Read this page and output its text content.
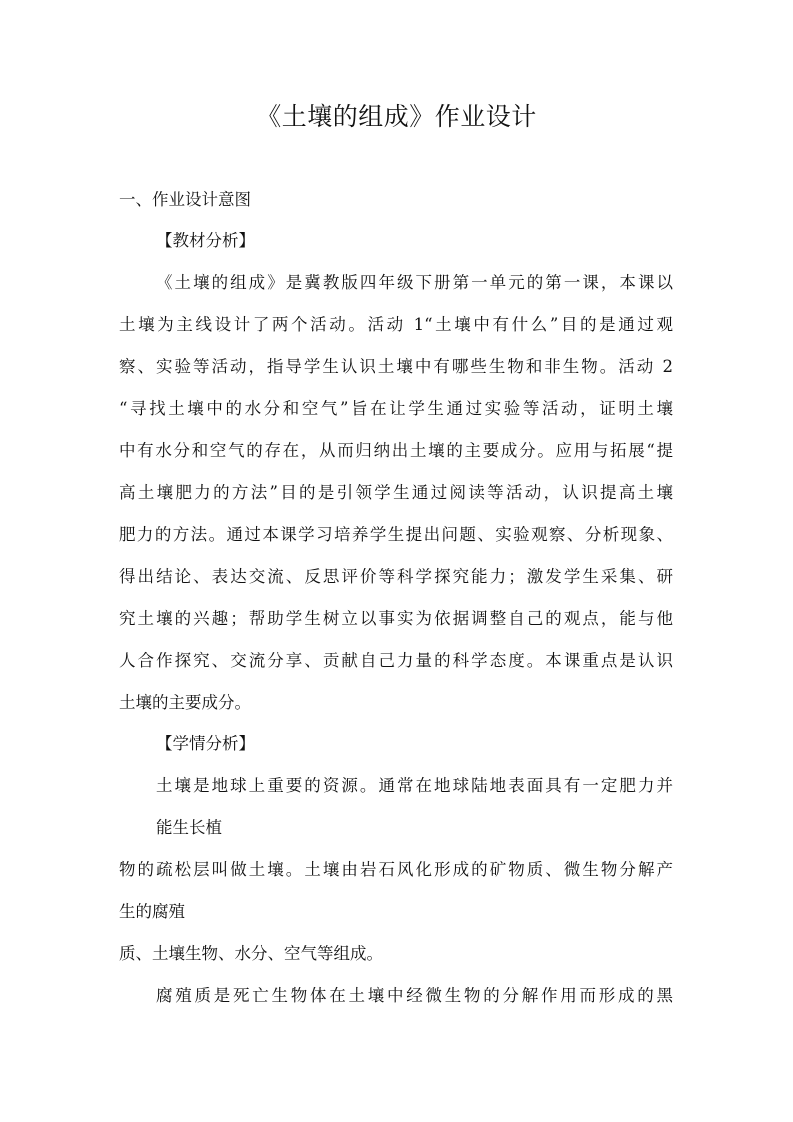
《土壤的组成》作业设计
一、作业设计意图
【教材分析】
《土壤的组成》是冀教版四年级下册第一单元的第一课，本课以
土壤为主线设计了两个活动。活动 1“土壤中有什么”目的是通过观
察、实验等活动，指导学生认识土壤中有哪些生物和非生物。活动 2
“寻找土壤中的水分和空气”旨在让学生通过实验等活动，证明土壤
中有水分和空气的存在，从而归纳出土壤的主要成分。应用与拓展“提
高土壤肥力的方法”目的是引领学生通过阅读等活动，认识提高土壤
肥力的方法。通过本课学习培养学生提出问题、实验观察、分析现象、
得出结论、表达交流、反思评价等科学探究能力；激发学生采集、研
究土壤的兴趣；帮助学生树立以事实为依据调整自己的观点，能与他
人合作探究、交流分享、贡献自己力量的科学态度。本课重点是认识
土壤的主要成分。
【学情分析】
土壤是地球上重要的资源。通常在地球陆地表面具有一定肥力并
能生长植
物的疏松层叫做土壤。土壤由岩石风化形成的矿物质、微生物分解产
生的腐殖
质、土壤生物、水分、空气等组成。
腐殖质是死亡生物体在土壤中经微生物的分解作用而形成的黑
